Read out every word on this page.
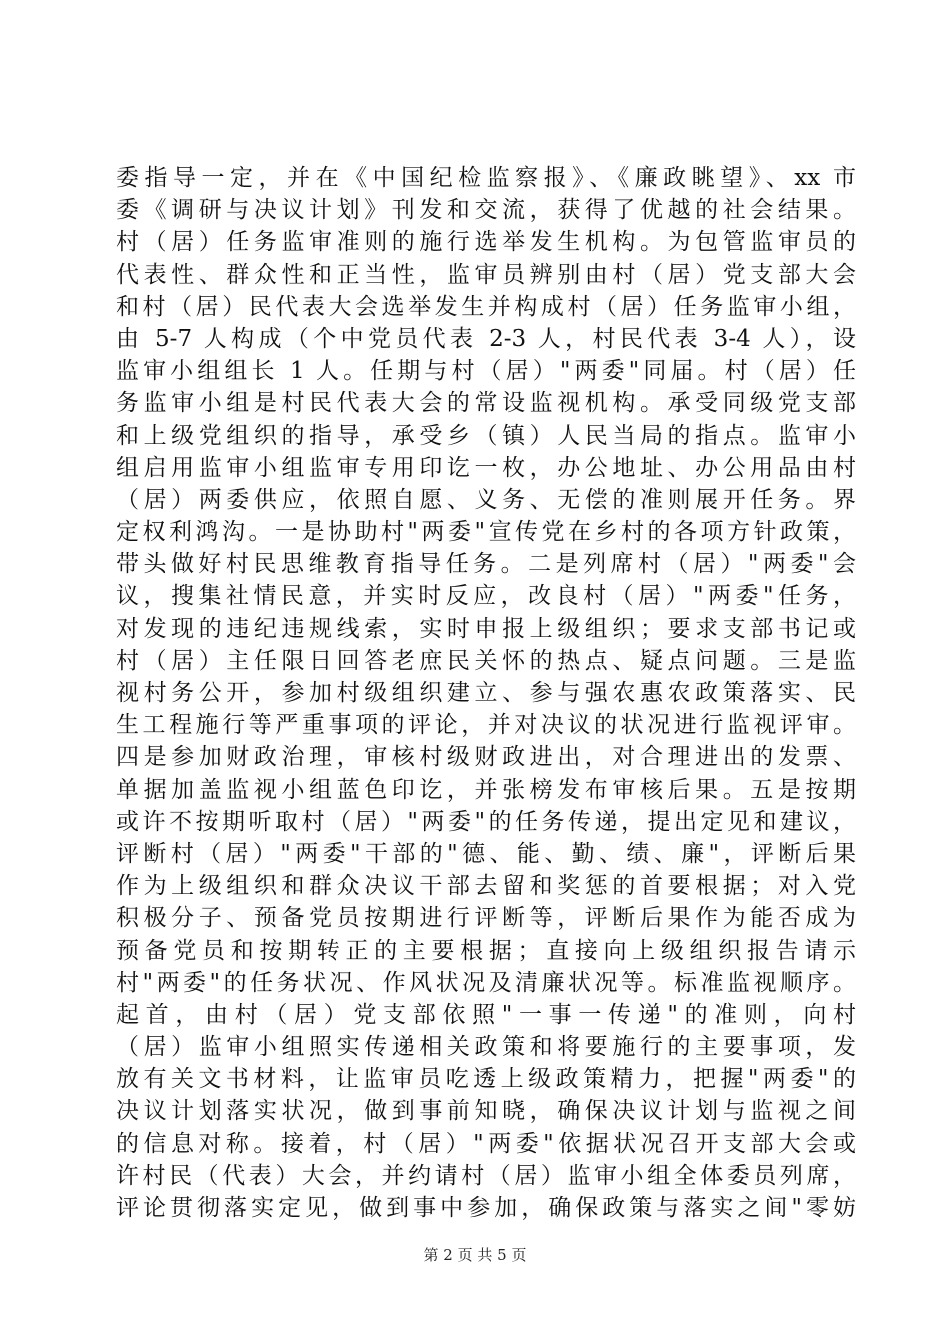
委指导一定，并在《中国纪检监察报》、《廉政眺望》、xx 市
委《调研与决议计划》刊发和交流，获得了优越的社会结果。
村（居）任务监审准则的施行选举发生机构。为包管监审员的
代表性、群众性和正当性，监审员辨别由村（居）党支部大会
和村（居）民代表大会选举发生并构成村（居）任务监审小组，
由 5-7 人构成（个中党员代表 2-3 人，村民代表 3-4 人），设
监审小组组长 1 人。任期与村（居）"两委"同届。村（居）任
务监审小组是村民代表大会的常设监视机构。承受同级党支部
和上级党组织的指导，承受乡（镇）人民当局的指点。监审小
组启用监审小组监审专用印讫一枚，办公地址、办公用品由村
（居）两委供应，依照自愿、义务、无偿的准则展开任务。界
定权利鸿沟。一是协助村"两委"宣传党在乡村的各项方针政策，
带头做好村民思维教育指导任务。二是列席村（居）"两委"会
议，搜集社情民意，并实时反应，改良村（居）"两委"任务，
对发现的违纪违规线索，实时申报上级组织；要求支部书记或
村（居）主任限日回答老庶民关怀的热点、疑点问题。三是监
视村务公开，参加村级组织建立、参与强农惠农政策落实、民
生工程施行等严重事项的评论，并对决议的状况进行监视评审。
四是参加财政治理，审核村级财政进出，对合理进出的发票、
单据加盖监视小组蓝色印讫，并张榜发布审核后果。五是按期
或许不按期听取村（居）"两委"的任务传递，提出定见和建议，
评断村（居）"两委"干部的"德、能、勤、绩、廉"，评断后果
作为上级组织和群众决议干部去留和奖惩的首要根据；对入党
积极分子、预备党员按期进行评断等，评断后果作为能否成为
预备党员和按期转正的主要根据；直接向上级组织报告请示
村"两委"的任务状况、作风状况及清廉状况等。标准监视顺序。
起首，由村（居）党支部依照"一事一传递"的准则，向村
（居）监审小组照实传递相关政策和将要施行的主要事项，发
放有关文书材料，让监审员吃透上级政策精力，把握"两委"的
决议计划落实状况，做到事前知晓，确保决议计划与监视之间
的信息对称。接着，村（居）"两委"依据状况召开支部大会或
许村民（代表）大会，并约请村（居）监审小组全体委员列席，
评论贯彻落实定见，做到事中参加，确保政策与落实之间"零妨
第 2 页 共 5 页
